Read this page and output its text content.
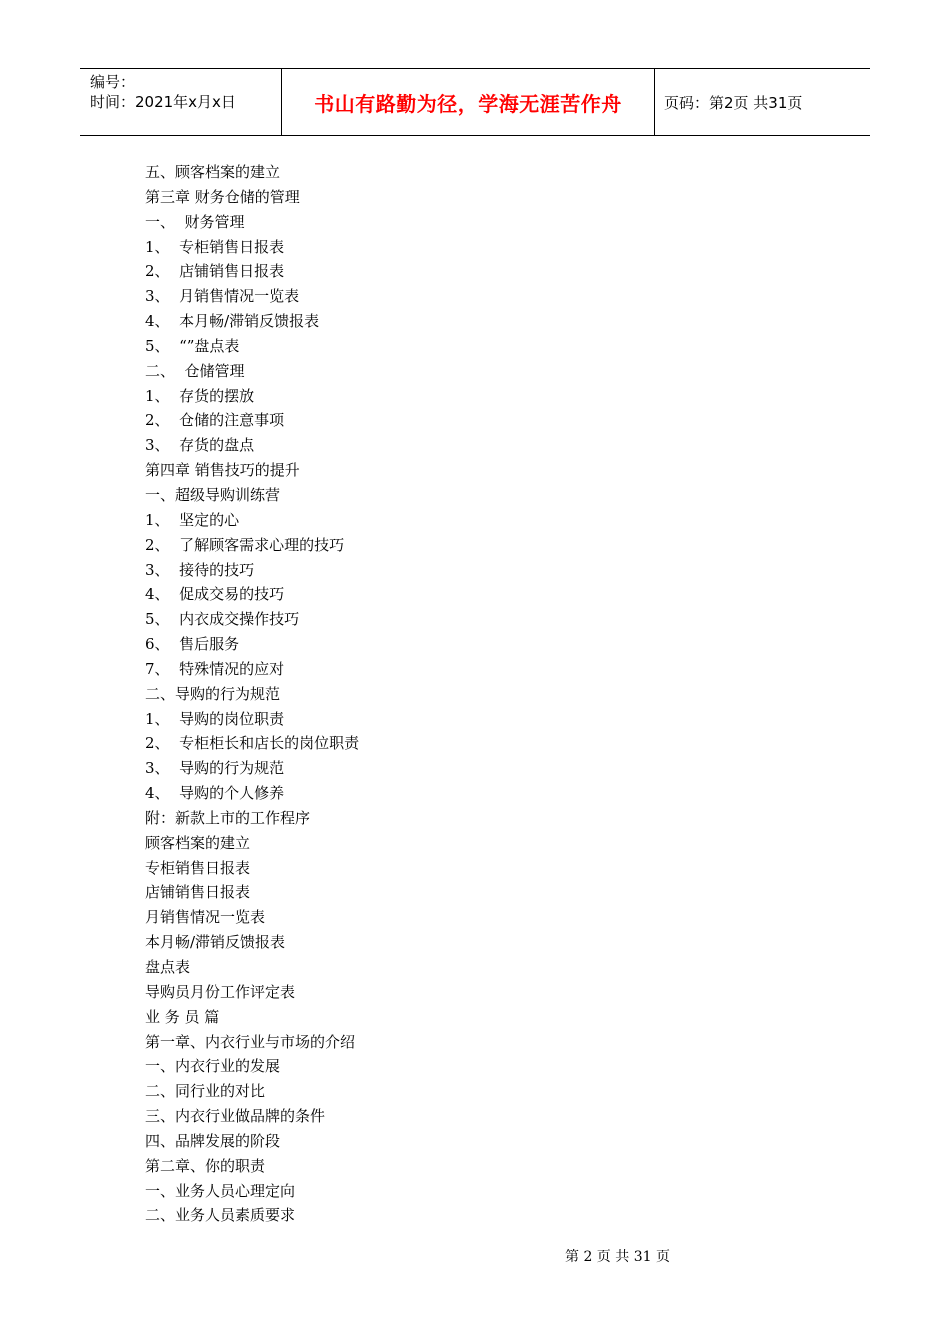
编号：
时间：2021年x月x日	书山有路勤为径，学海无涯苦作舟	页码：第2页 共31页
五、顾客档案的建立
第三章 财务仓储的管理
一、  财务管理
1、  专柜销售日报表
2、  店铺销售日报表
3、  月销售情况一览表
4、  本月畅/滞销反馈报表
5、  “”盘点表
二、  仓储管理
1、  存货的摆放
2、  仓储的注意事项
3、  存货的盘点
第四章 销售技巧的提升
一、超级导购训练营
1、  坚定的心
2、  了解顾客需求心理的技巧
3、  接待的技巧
4、  促成交易的技巧
5、  内衣成交操作技巧
6、  售后服务
7、  特殊情况的应对
二、导购的行为规范
1、  导购的岗位职责
2、  专柜柜长和店长的岗位职责
3、  导购的行为规范
4、  导购的个人修养
附：新款上市的工作程序
顾客档案的建立
专柜销售日报表
店铺销售日报表
月销售情况一览表
本月畅/滞销反馈报表
盘点表
导购员月份工作评定表
业 务 员 篇
第一章、内衣行业与市场的介绍
一、内衣行业的发展
二、同行业的对比
三、内衣行业做品牌的条件
四、品牌发展的阶段
第二章、你的职责
一、业务人员心理定向
二、业务人员素质要求
第 2 页 共 31 页
